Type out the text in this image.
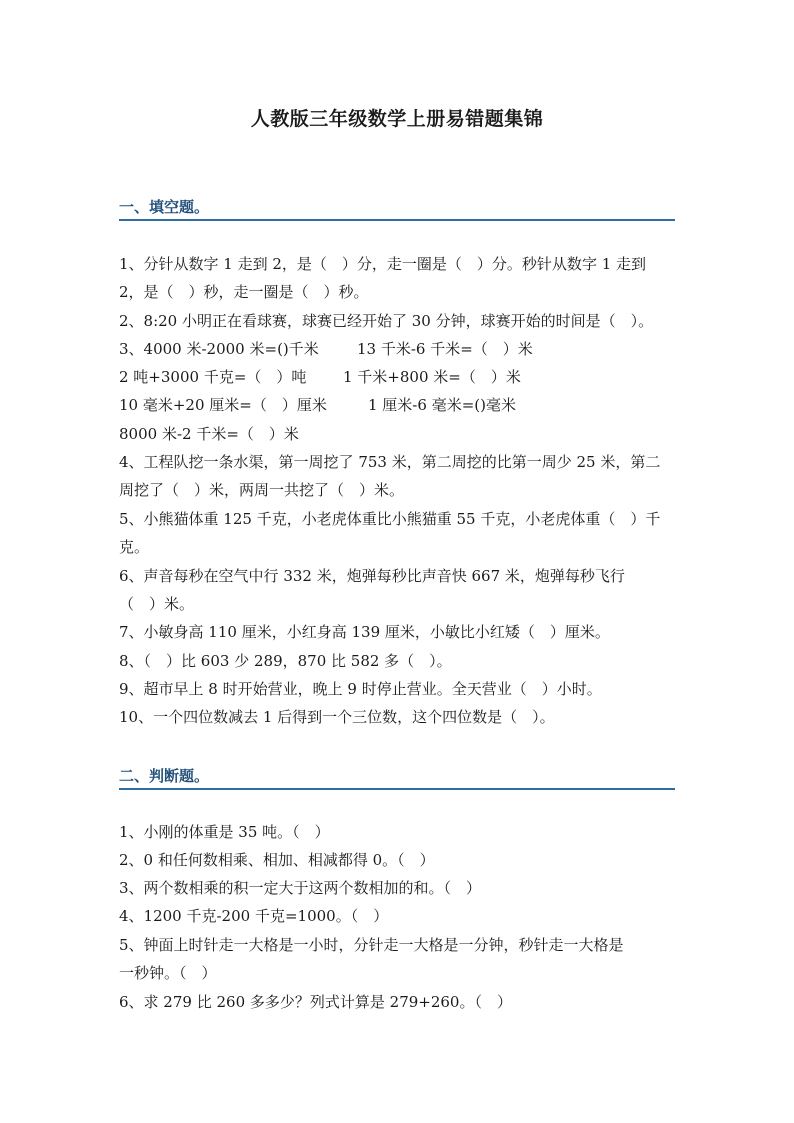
人教版三年级数学上册易错题集锦
一、填空题。
1、分针从数字 1 走到 2，是（　）分，走一圈是（　）分。秒针从数字 1 走到
2，是（　）秒，走一圈是（　）秒。
2、8:20 小明正在看球赛，球赛已经开始了 30 分钟，球赛开始的时间是（　）。
3、4000 米-2000 米=()千米	13 千米-6 千米=（　）米
2 吨+3000 千克=（　）吨 1 千米+800 米=（　）米
10 毫米+20 厘米=（　）厘米	1 厘米-6 毫米=()毫米
8000 米-2 千米=（　）米
4、工程队挖一条水渠，第一周挖了 753 米，第二周挖的比第一周少 25 米，第二
周挖了（　）米，两周一共挖了（　）米。
5、小熊猫体重 125 千克，小老虎体重比小熊猫重 55 千克，小老虎体重（　）千
克。
6、声音每秒在空气中行 332 米，炮弹每秒比声音快 667 米，炮弹每秒飞行
（　）米。
7、小敏身高 110 厘米，小红身高 139 厘米，小敏比小红矮（　）厘米。
8、（　）比 603 少 289，870 比 582 多（　）。
9、超市早上 8 时开始营业，晚上 9 时停止营业。全天营业（　）小时。
10、一个四位数减去 1 后得到一个三位数，这个四位数是（　）。
二、判断题。
1、小刚的体重是 35 吨。（　）
2、0 和任何数相乘、相加、相减都得 0。（　）
3、两个数相乘的积一定大于这两个数相加的和。（　）
4、1200 千克-200 千克=1000。（　）
5、钟面上时针走一大格是一小时，分针走一大格是一分钟，秒针走一大格是
一秒钟。（　）
6、求 279 比 260 多多少？列式计算是 279+260。（　）
